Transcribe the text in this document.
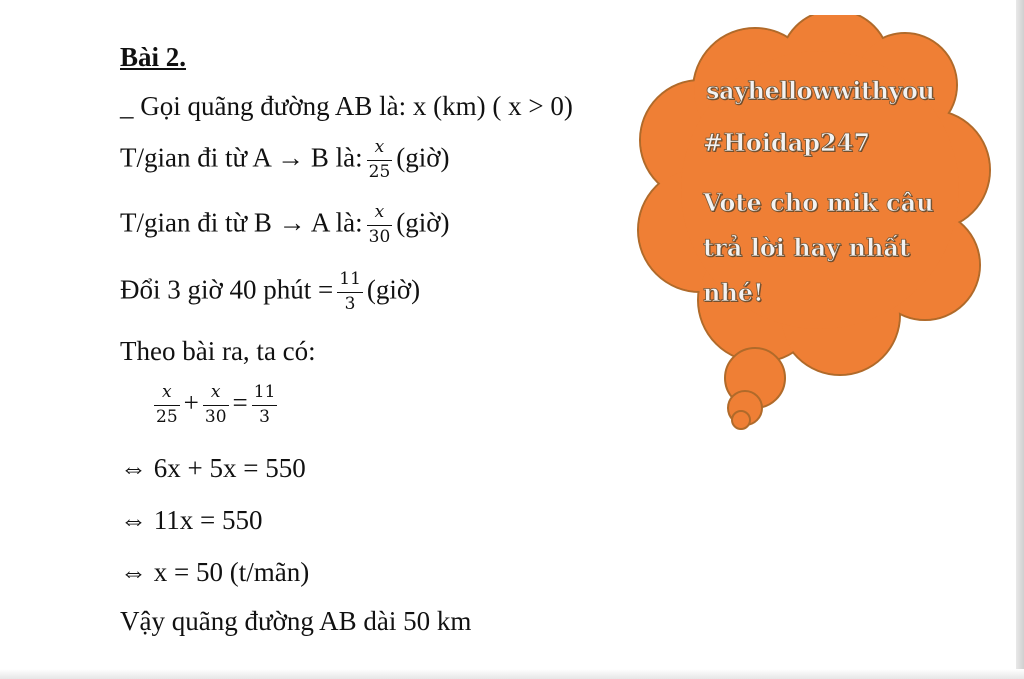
Bài 2.
_ Gọi quãng đường AB là: x (km) ( x > 0)
T/gian đi từ A → B là: $\frac{x}{25}$ (giờ)
T/gian đi từ B → A là: $\frac{x}{30}$ (giờ)
Đổi 3 giờ 40 phút = $\frac{11}{3}$ (giờ)
Theo bài ra, ta có:
$\frac{x}{25} + \frac{x}{30} = \frac{11}{3}$
⇔ 6x + 5x = 550
⇔ 11x = 550
⇔ x = 50 (t/mãn)
Vậy quãng đường AB dài 50 km
sayhellowwithyou
#Hoidap247
Vote cho mik câu
trả lời hay nhất
nhé!
